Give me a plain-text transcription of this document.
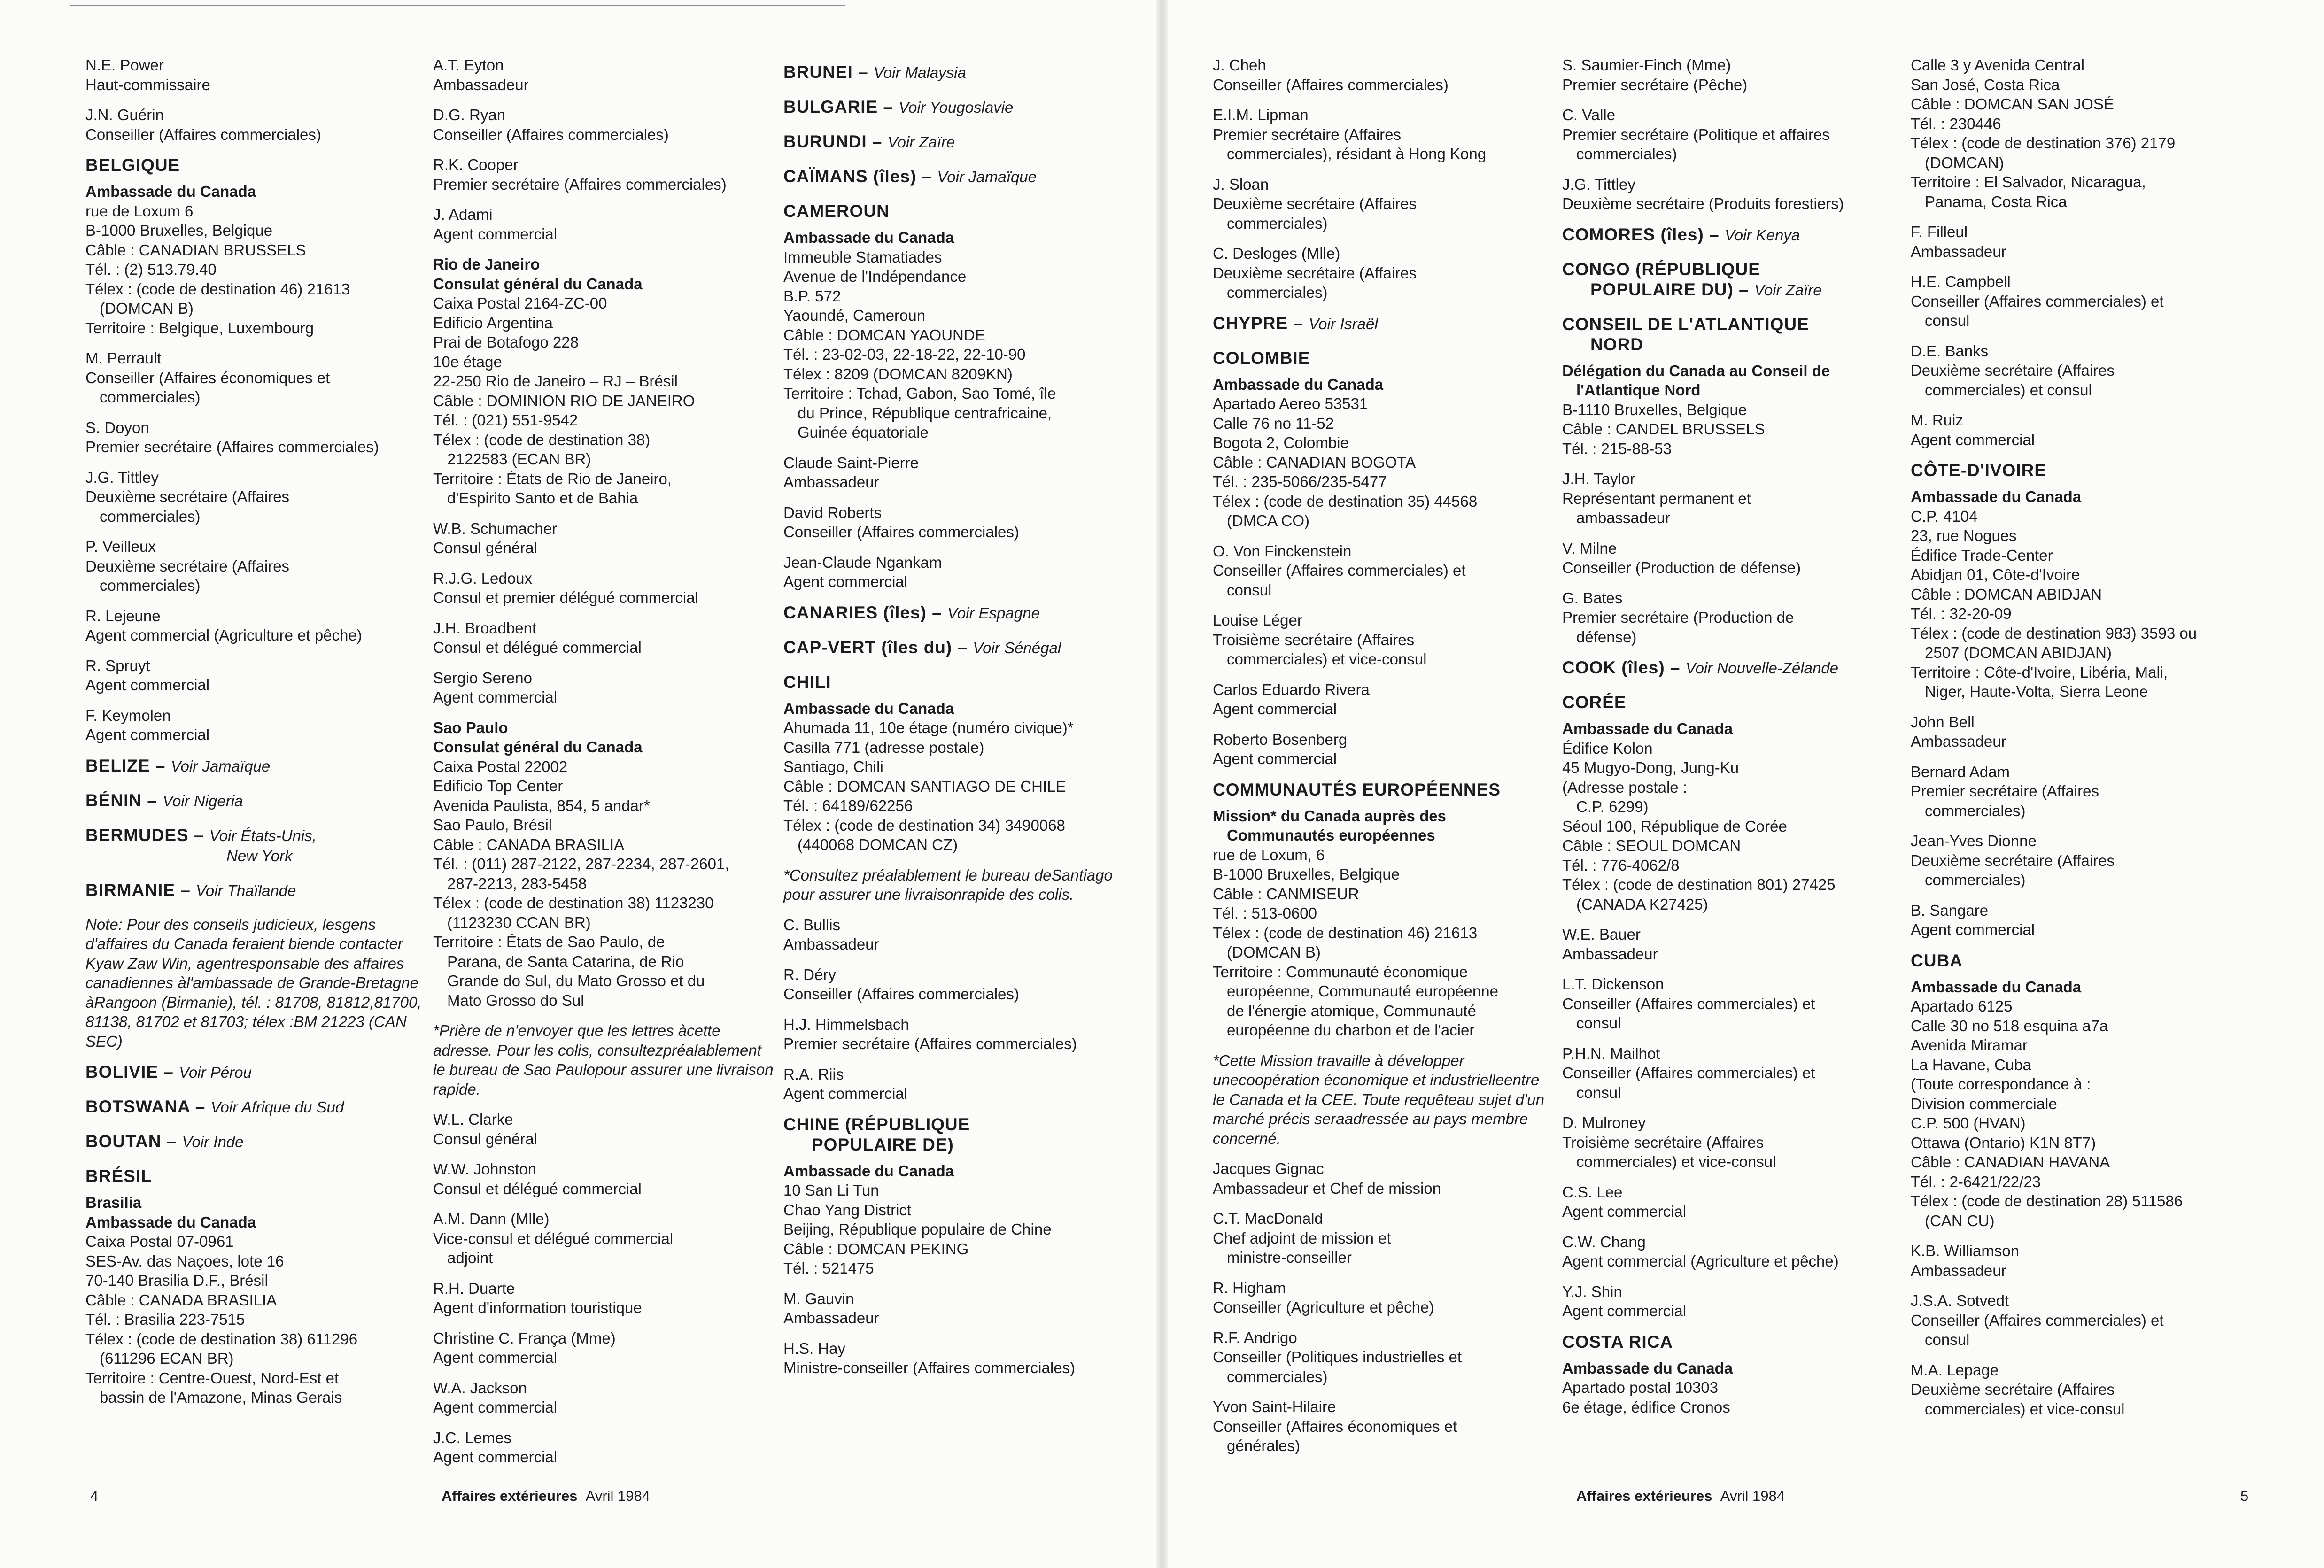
N.E. Power
Haut-commissaire
J.N. Guérin
Conseiller (Affaires commerciales)
BELGIQUE
Ambassade du Canada
rue de Loxum 6
B-1000 Bruxelles, Belgique
Câble : CANADIAN BRUSSELS
Tél. : (2) 513.79.40
Télex : (code de destination 46) 21613
(DOMCAN B)
Territoire : Belgique, Luxembourg
M. Perrault
Conseiller (Affaires économiques et
commerciales)
S. Doyon
Premier secrétaire (Affaires commerciales)
J.G. Tittley
Deuxième secrétaire (Affaires
commerciales)
P. Veilleux
Deuxième secrétaire (Affaires
commerciales)
R. Lejeune
Agent commercial (Agriculture et pêche)
R. Spruyt
Agent commercial
F. Keymolen
Agent commercial
BELIZE – Voir Jamaïque
BÉNIN – Voir Nigeria
BERMUDES – Voir États-Unis,
New York
BIRMANIE – Voir Thaïlande
Note: Pour des conseils judicieux, lesgens d'affaires du Canada feraient biende contacter Kyaw Zaw Win, agentresponsable des affaires canadiennes àl'ambassade de Grande-Bretagne àRangoon (Birmanie), tél. : 81708, 81812,81700, 81138, 81702 et 81703; télex :BM 21223 (CAN SEC)
BOLIVIE – Voir Pérou
BOTSWANA – Voir Afrique du Sud
BOUTAN – Voir Inde
BRÉSIL
Brasilia
Ambassade du Canada
Caixa Postal 07-0961
SES-Av. das Naçoes, lote 16
70-140 Brasilia D.F., Brésil
Câble : CANADA BRASILIA
Tél. : Brasilia 223-7515
Télex : (code de destination 38) 611296
(611296 ECAN BR)
Territoire : Centre-Ouest, Nord-Est et
bassin de l'Amazone, Minas Gerais
A.T. Eyton
Ambassadeur
D.G. Ryan
Conseiller (Affaires commerciales)
R.K. Cooper
Premier secrétaire (Affaires commerciales)
J. Adami
Agent commercial
Rio de Janeiro
Consulat général du Canada
Caixa Postal 2164-ZC-00
Edificio Argentina
Prai de Botafogo 228
10e étage
22-250 Rio de Janeiro – RJ – Brésil
Câble : DOMINION RIO DE JANEIRO
Tél. : (021) 551-9542
Télex : (code de destination 38)
2122583 (ECAN BR)
Territoire : États de Rio de Janeiro,
d'Espirito Santo et de Bahia
W.B. Schumacher
Consul général
R.J.G. Ledoux
Consul et premier délégué commercial
J.H. Broadbent
Consul et délégué commercial
Sergio Sereno
Agent commercial
Sao Paulo
Consulat général du Canada
Caixa Postal 22002
Edificio Top Center
Avenida Paulista, 854, 5 andar*
Sao Paulo, Brésil
Câble : CANADA BRASILIA
Tél. : (011) 287-2122, 287-2234, 287-2601,
287-2213, 283-5458
Télex : (code de destination 38) 1123230
(1123230 CCAN BR)
Territoire : États de Sao Paulo, de
Parana, de Santa Catarina, de Rio
Grande do Sul, du Mato Grosso et du
Mato Grosso do Sul
*Prière de n'envoyer que les lettres àcette adresse. Pour les colis, consultezpréalablement le bureau de Sao Paulopour assurer une livraison rapide.
W.L. Clarke
Consul général
W.W. Johnston
Consul et délégué commercial
A.M. Dann (Mlle)
Vice-consul et délégué commercial
adjoint
R.H. Duarte
Agent d'information touristique
Christine C. França (Mme)
Agent commercial
W.A. Jackson
Agent commercial
J.C. Lemes
Agent commercial
BRUNEI – Voir Malaysia
BULGARIE – Voir Yougoslavie
BURUNDI – Voir Zaïre
CAÏMANS (îles) – Voir Jamaïque
CAMEROUN
Ambassade du Canada
Immeuble Stamatiades
Avenue de l'Indépendance
B.P. 572
Yaoundé, Cameroun
Câble : DOMCAN YAOUNDE
Tél. : 23-02-03, 22-18-22, 22-10-90
Télex : 8209 (DOMCAN 8209KN)
Territoire : Tchad, Gabon, Sao Tomé, île
du Prince, République centrafricaine,
Guinée équatoriale
Claude Saint-Pierre
Ambassadeur
David Roberts
Conseiller (Affaires commerciales)
Jean-Claude Ngankam
Agent commercial
CANARIES (îles) – Voir Espagne
CAP-VERT (îles du) – Voir Sénégal
CHILI
Ambassade du Canada
Ahumada 11, 10e étage (numéro civique)*
Casilla 771 (adresse postale)
Santiago, Chili
Câble : DOMCAN SANTIAGO DE CHILE
Tél. : 64189/62256
Télex : (code de destination 34) 3490068
(440068 DOMCAN CZ)
*Consultez préalablement le bureau deSantiago pour assurer une livraisonrapide des colis.
C. Bullis
Ambassadeur
R. Déry
Conseiller (Affaires commerciales)
H.J. Himmelsbach
Premier secrétaire (Affaires commerciales)
R.A. Riis
Agent commercial
CHINE (RÉPUBLIQUE
POPULAIRE DE)
Ambassade du Canada
10 San Li Tun
Chao Yang District
Beijing, République populaire de Chine
Câble : DOMCAN PEKING
Tél. : 521475
M. Gauvin
Ambassadeur
H.S. Hay
Ministre-conseiller (Affaires commerciales)
4	Affaires extérieures Avril 1984
J. Cheh
Conseiller (Affaires commerciales)
E.I.M. Lipman
Premier secrétaire (Affaires
commerciales), résidant à Hong Kong
J. Sloan
Deuxième secrétaire (Affaires
commerciales)
C. Desloges (Mlle)
Deuxième secrétaire (Affaires
commerciales)
CHYPRE – Voir Israël
COLOMBIE
Ambassade du Canada
Apartado Aereo 53531
Calle 76 no 11-52
Bogota 2, Colombie
Câble : CANADIAN BOGOTA
Tél. : 235-5066/235-5477
Télex : (code de destination 35) 44568
(DMCA CO)
O. Von Finckenstein
Conseiller (Affaires commerciales) et
consul
Louise Léger
Troisième secrétaire (Affaires
commerciales) et vice-consul
Carlos Eduardo Rivera
Agent commercial
Roberto Bosenberg
Agent commercial
COMMUNAUTÉS EUROPÉENNES
Mission* du Canada auprès des
Communautés européennes
rue de Loxum, 6
B-1000 Bruxelles, Belgique
Câble : CANMISEUR
Tél. : 513-0600
Télex : (code de destination 46) 21613
(DOMCAN B)
Territoire : Communauté économique
européenne, Communauté européenne
de l'énergie atomique, Communauté
européenne du charbon et de l'acier
*Cette Mission travaille à développer unecoopération économique et industrielleentre le Canada et la CEE. Toute requêteau sujet d'un marché précis seraadressée au pays membre concerné.
Jacques Gignac
Ambassadeur et Chef de mission
C.T. MacDonald
Chef adjoint de mission et
ministre-conseiller
R. Higham
Conseiller (Agriculture et pêche)
R.F. Andrigo
Conseiller (Politiques industrielles et
commerciales)
Yvon Saint-Hilaire
Conseiller (Affaires économiques et
générales)
S. Saumier-Finch (Mme)
Premier secrétaire (Pêche)
C. Valle
Premier secrétaire (Politique et affaires
commerciales)
J.G. Tittley
Deuxième secrétaire (Produits forestiers)
COMORES (îles) – Voir Kenya
CONGO (RÉPUBLIQUE
POPULAIRE DU) – Voir Zaïre
CONSEIL DE L'ATLANTIQUE
NORD
Délégation du Canada au Conseil de
l'Atlantique Nord
B-1110 Bruxelles, Belgique
Câble : CANDEL BRUSSELS
Tél. : 215-88-53
J.H. Taylor
Représentant permanent et
ambassadeur
V. Milne
Conseiller (Production de défense)
G. Bates
Premier secrétaire (Production de
défense)
COOK (îles) – Voir Nouvelle-Zélande
CORÉE
Ambassade du Canada
Édifice Kolon
45 Mugyo-Dong, Jung-Ku
(Adresse postale :
C.P. 6299)
Séoul 100, République de Corée
Câble : SEOUL DOMCAN
Tél. : 776-4062/8
Télex : (code de destination 801) 27425
(CANADA K27425)
W.E. Bauer
Ambassadeur
L.T. Dickenson
Conseiller (Affaires commerciales) et
consul
P.H.N. Mailhot
Conseiller (Affaires commerciales) et
consul
D. Mulroney
Troisième secrétaire (Affaires
commerciales) et vice-consul
C.S. Lee
Agent commercial
C.W. Chang
Agent commercial (Agriculture et pêche)
Y.J. Shin
Agent commercial
COSTA RICA
Ambassade du Canada
Apartado postal 10303
6e étage, édifice Cronos
Calle 3 y Avenida Central
San José, Costa Rica
Câble : DOMCAN SAN JOSÉ
Tél. : 230446
Télex : (code de destination 376) 2179
(DOMCAN)
Territoire : El Salvador, Nicaragua,
Panama, Costa Rica
F. Filleul
Ambassadeur
H.E. Campbell
Conseiller (Affaires commerciales) et
consul
D.E. Banks
Deuxième secrétaire (Affaires
commerciales) et consul
M. Ruiz
Agent commercial
CÔTE-D'IVOIRE
Ambassade du Canada
C.P. 4104
23, rue Nogues
Édifice Trade-Center
Abidjan 01, Côte-d'Ivoire
Câble : DOMCAN ABIDJAN
Tél. : 32-20-09
Télex : (code de destination 983) 3593 ou
2507 (DOMCAN ABIDJAN)
Territoire : Côte-d'Ivoire, Libéria, Mali,
Niger, Haute-Volta, Sierra Leone
John Bell
Ambassadeur
Bernard Adam
Premier secrétaire (Affaires
commerciales)
Jean-Yves Dionne
Deuxième secrétaire (Affaires
commerciales)
B. Sangare
Agent commercial
CUBA
Ambassade du Canada
Apartado 6125
Calle 30 no 518 esquina a7a
Avenida Miramar
La Havane, Cuba
(Toute correspondance à :
Division commerciale
C.P. 500 (HVAN)
Ottawa (Ontario) K1N 8T7)
Câble : CANADIAN HAVANA
Tél. : 2-6421/22/23
Télex : (code de destination 28) 511586
(CAN CU)
K.B. Williamson
Ambassadeur
J.S.A. Sotvedt
Conseiller (Affaires commerciales) et
consul
M.A. Lepage
Deuxième secrétaire (Affaires
commerciales) et vice-consul
Affaires extérieures Avril 1984	5
